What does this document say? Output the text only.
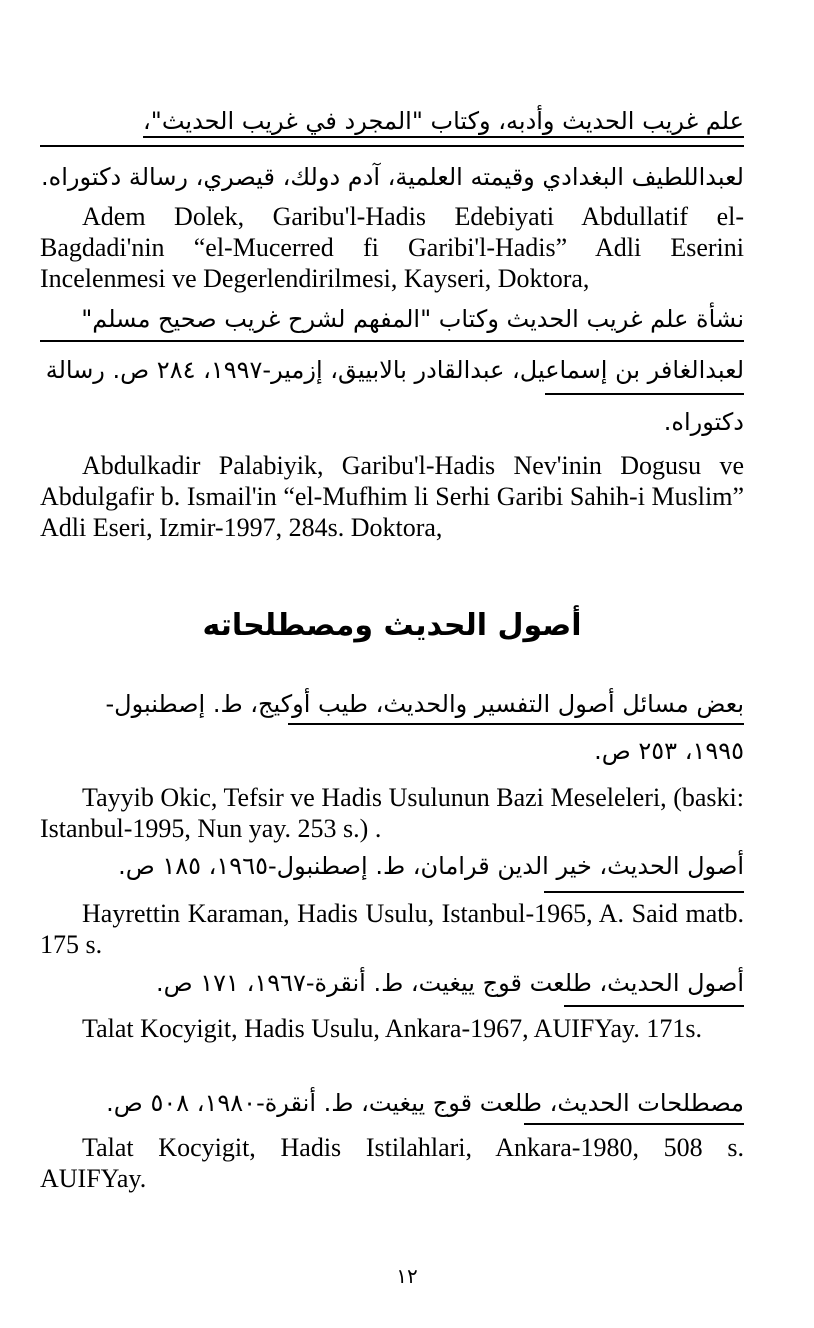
علم غريب الحديث وأدبه، وكتاب "المجرد في غريب الحديث"،
لعبداللطيف البغدادي وقيمته العلمية، آدم دولك، قيصري، رسالة دكتوراه.

Adem Dolek, Garibu'l-Hadis Edebiyati Abdullatif el-Bagdadi'nin “el-Mucerred fi Garibi'l-Hadis” Adli Eserini Incelenmesi ve Degerlendirilmesi, Kayseri, Doktora,

نشأة علم غريب الحديث وكتاب "المفهم لشرح غريب صحيح مسلم"
لعبدالغافر بن إسماعيل، عبدالقادر بالابييق، إزمير-١٩٩٧، ٢٨٤ ص. رسالة
دكتوراه.

Abdulkadir Palabiyik, Garibu'l-Hadis Nev'inin Dogusu ve Abdulgafir b. Ismail'in “el-Mufhim li Serhi Garibi Sahih-i Muslim” Adli Eseri, Izmir-1997, 284s. Doktora,

أصول الحديث ومصطلحاته
بعض مسائل أصول التفسير والحديث، طيب أوكيج، ط. إصطنبول-
١٩٩٥، ٢٥٣ ص.

Tayyib Okic, Tefsir ve Hadis Usulunun Bazi Meseleleri, (baski: Istanbul-1995, Nun yay. 253 s.) .

أصول الحديث، خير الدين قرامان، ط. إصطنبول-١٩٦٥، ١٨٥ ص.

Hayrettin Karaman, Hadis Usulu, Istanbul-1965, A. Said matb. 175 s.

أصول الحديث، طلعت قوج ييغيت، ط. أنقرة-١٩٦٧، ١٧١ ص.

Talat Kocyigit, Hadis Usulu, Ankara-1967, AUIFYay. 171s.

مصطلحات الحديث، طلعت قوج ييغيت، ط. أنقرة-١٩٨٠، ٥٠٨ ص.

Talat Kocyigit, Hadis Istilahlari, Ankara-1980, 508 s. AUIFYay.

١٢
